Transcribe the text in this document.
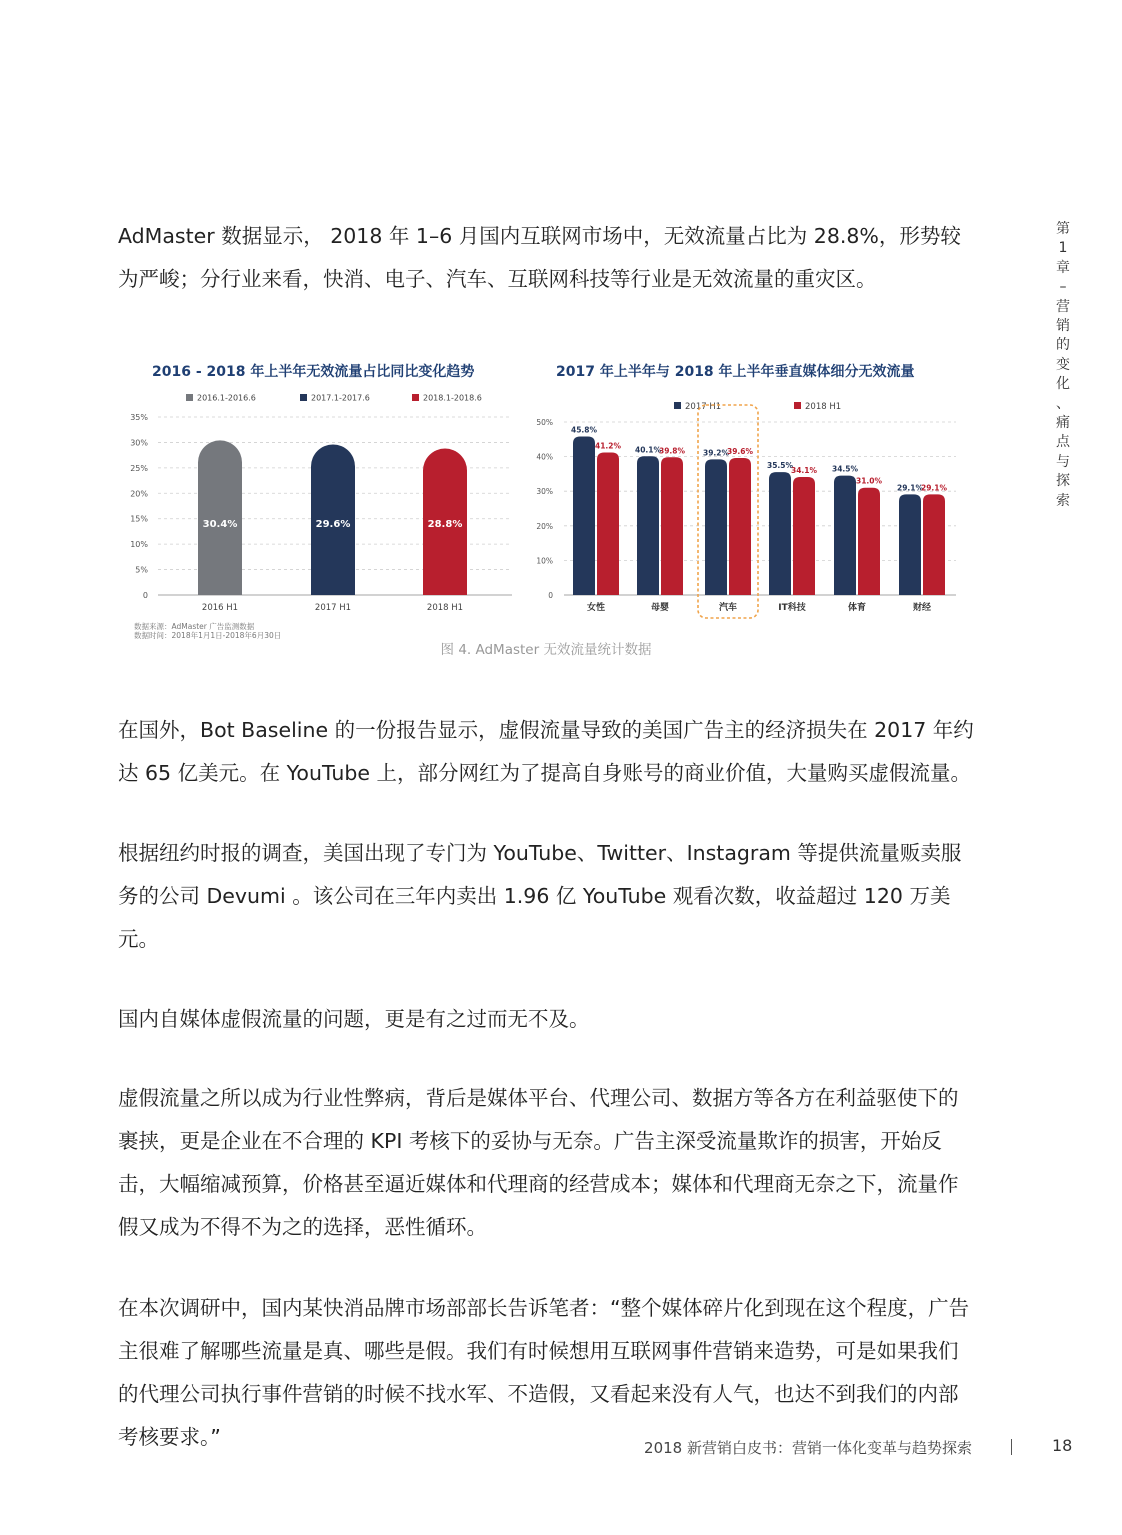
AdMaster 数据显示， 2018 年 1–6 月国内互联网市场中，无效流量占比为 28.8%，形势较为严峻；分行业来看，快消、电子、汽车、互联网科技等行业是无效流量的重灾区。

2016 - 2018 年上半年无效流量占比同比变化趋势	2017 年上半年与 2018 年上半年垂直媒体细分无效流量
2016.1-2016.6	2017.1-2017.6	2018.1-2018.6
0
5%
10%
15%
20%
25%
30%
35%
30.4%
2016 H1
29.6%
2017 H1
28.8%
2018 H1
2017 H1	2018 H1
0
10%
20%
30%
40%
50%
45.8%
41.2%
女性
40.1%
39.8%
母婴
39.2%
39.6%
汽车
35.5%
34.1%
IT科技
34.5%
31.0%
体育
29.1%
29.1%
财经
数据来源：AdMaster 广告监测数据
数据时间：2018年1月1日-2018年6月30日
图 4. AdMaster 无效流量统计数据

在国外，Bot Baseline 的一份报告显示，虚假流量导致的美国广告主的经济损失在 2017 年约达 65 亿美元。在 YouTube 上，部分网红为了提高自身账号的商业价值，大量购买虚假流量。

根据纽约时报的调查，美国出现了专门为 YouTube、Twitter、Instagram 等提供流量贩卖服务的公司 Devumi 。该公司在三年内卖出 1.96 亿 YouTube 观看次数，收益超过 120 万美元。

国内自媒体虚假流量的问题，更是有之过而无不及。

虚假流量之所以成为行业性弊病，背后是媒体平台、代理公司、数据方等各方在利益驱使下的裹挟，更是企业在不合理的 KPI 考核下的妥协与无奈。广告主深受流量欺诈的损害，开始反击，大幅缩减预算，价格甚至逼近媒体和代理商的经营成本；媒体和代理商无奈之下，流量作假又成为不得不为之的选择，恶性循环。

在本次调研中，国内某快消品牌市场部部长告诉笔者：“整个媒体碎片化到现在这个程度，广告主很难了解哪些流量是真、哪些是假。我们有时候想用互联网事件营销来造势，可是如果我们的代理公司执行事件营销的时候不找水军、不造假，又看起来没有人气，也达不到我们的内部考核要求。”

第
1
章
–
营
销
的
变
化
、
痛
点
与
探
索
2018 新营销白皮书：营销一体化变革与趋势探索	18
